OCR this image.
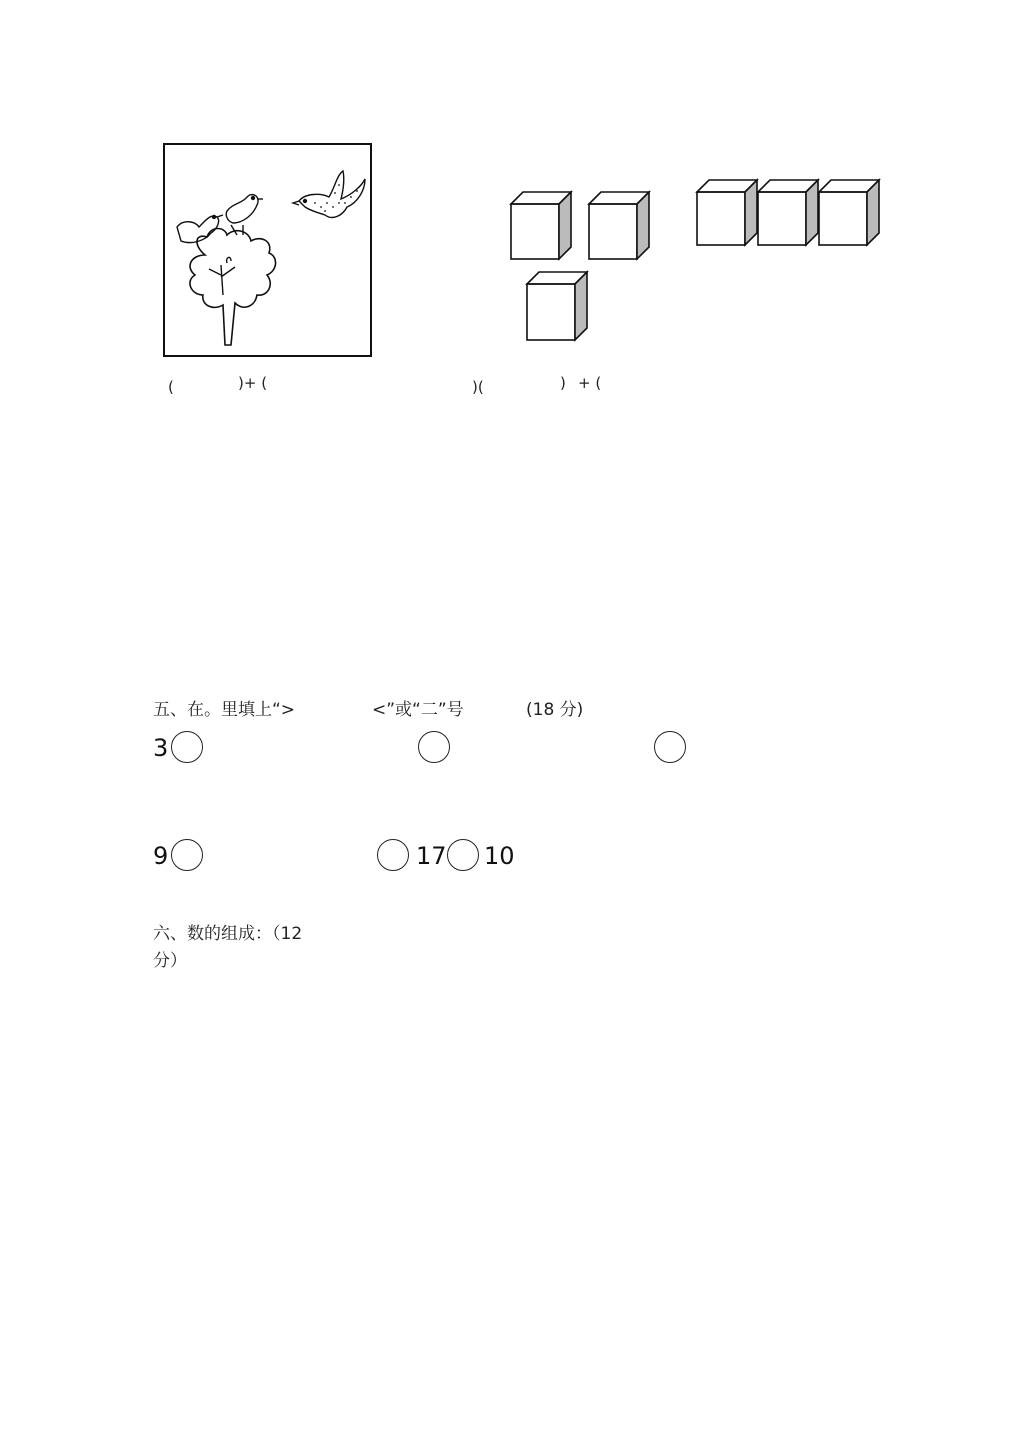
(	)+ (	)(	) + (
五、在。里填上“>	<”或“二”号	(18 分)
3
9	17 10
六、数的组成：（12
分）
